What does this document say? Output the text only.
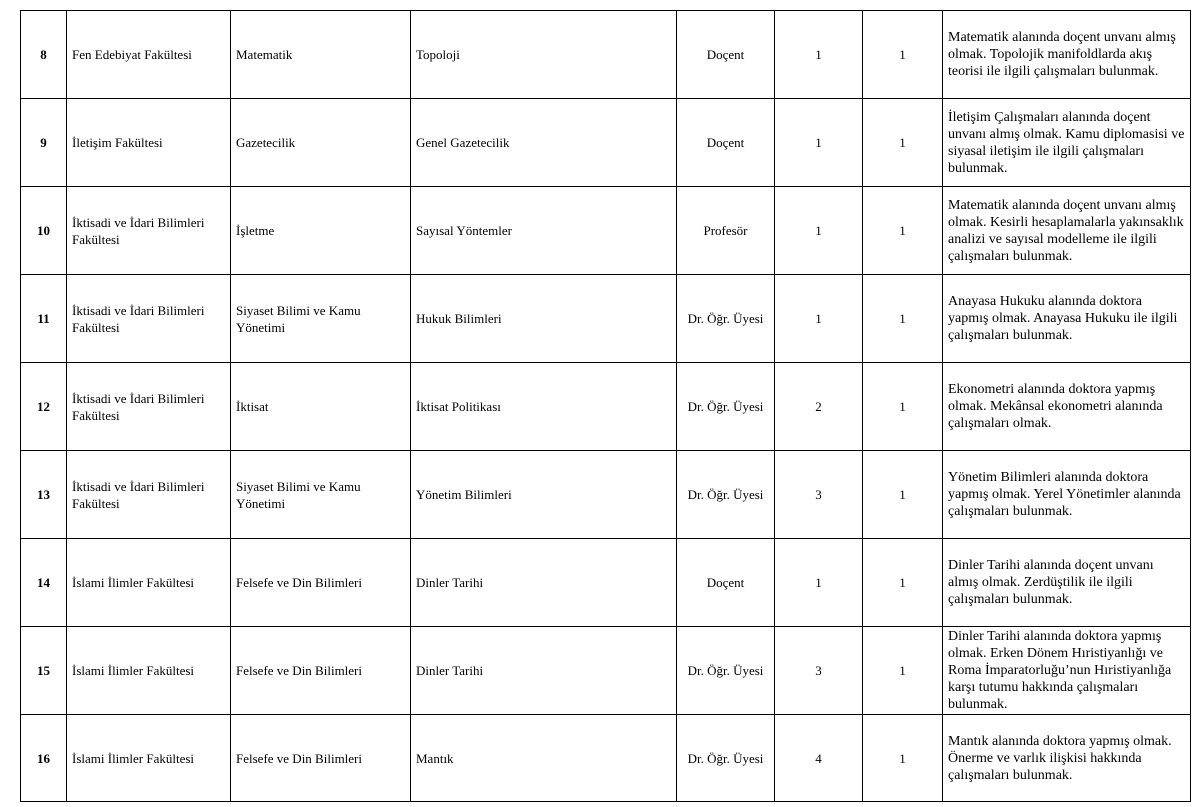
8	Fen Edebiyat Fakültesi	Matematik	Topoloji	Doçent	1	1	Matematik alanında doçent unvanı almış olmak. Topolojik manifoldlarda akış teorisi ile ilgili çalışmaları bulunmak.
9	İletişim Fakültesi	Gazetecilik	Genel Gazetecilik	Doçent	1	1	İletişim Çalışmaları alanında doçent unvanı almış olmak. Kamu diplomasisi ve siyasal iletişim ile ilgili çalışmaları bulunmak.
10	İktisadi ve İdari Bilimleri Fakültesi	İşletme	Sayısal Yöntemler	Profesör	1	1	Matematik alanında doçent unvanı almış olmak. Kesirli hesaplamalarla yakınsaklık analizi ve sayısal modelleme ile ilgili çalışmaları bulunmak.
11	İktisadi ve İdari Bilimleri Fakültesi	Siyaset Bilimi ve Kamu Yönetimi	Hukuk Bilimleri	Dr. Öğr. Üyesi	1	1	Anayasa Hukuku alanında doktora yapmış olmak. Anayasa Hukuku ile ilgili çalışmaları bulunmak.
12	İktisadi ve İdari Bilimleri Fakültesi	İktisat	İktisat Politikası	Dr. Öğr. Üyesi	2	1	Ekonometri alanında doktora yapmış olmak. Mekânsal ekonometri alanında çalışmaları olmak.
13	İktisadi ve İdari Bilimleri Fakültesi	Siyaset Bilimi ve Kamu Yönetimi	Yönetim Bilimleri	Dr. Öğr. Üyesi	3	1	Yönetim Bilimleri alanında doktora yapmış olmak. Yerel Yönetimler alanında çalışmaları bulunmak.
14	İslami İlimler Fakültesi	Felsefe ve Din Bilimleri	Dinler Tarihi	Doçent	1	1	Dinler Tarihi alanında doçent unvanı almış olmak. Zerdüştilik ile ilgili çalışmaları bulunmak.
15	İslami İlimler Fakültesi	Felsefe ve Din Bilimleri	Dinler Tarihi	Dr. Öğr. Üyesi	3	1	Dinler Tarihi alanında doktora yapmış olmak. Erken Dönem Hıristiyanlığı ve Roma İmparatorluğu’nun Hıristiyanlığa karşı tutumu hakkında çalışmaları bulunmak.
16	İslami İlimler Fakültesi	Felsefe ve Din Bilimleri	Mantık	Dr. Öğr. Üyesi	4	1	Mantık alanında doktora yapmış olmak. Önerme ve varlık ilişkisi hakkında çalışmaları bulunmak.
